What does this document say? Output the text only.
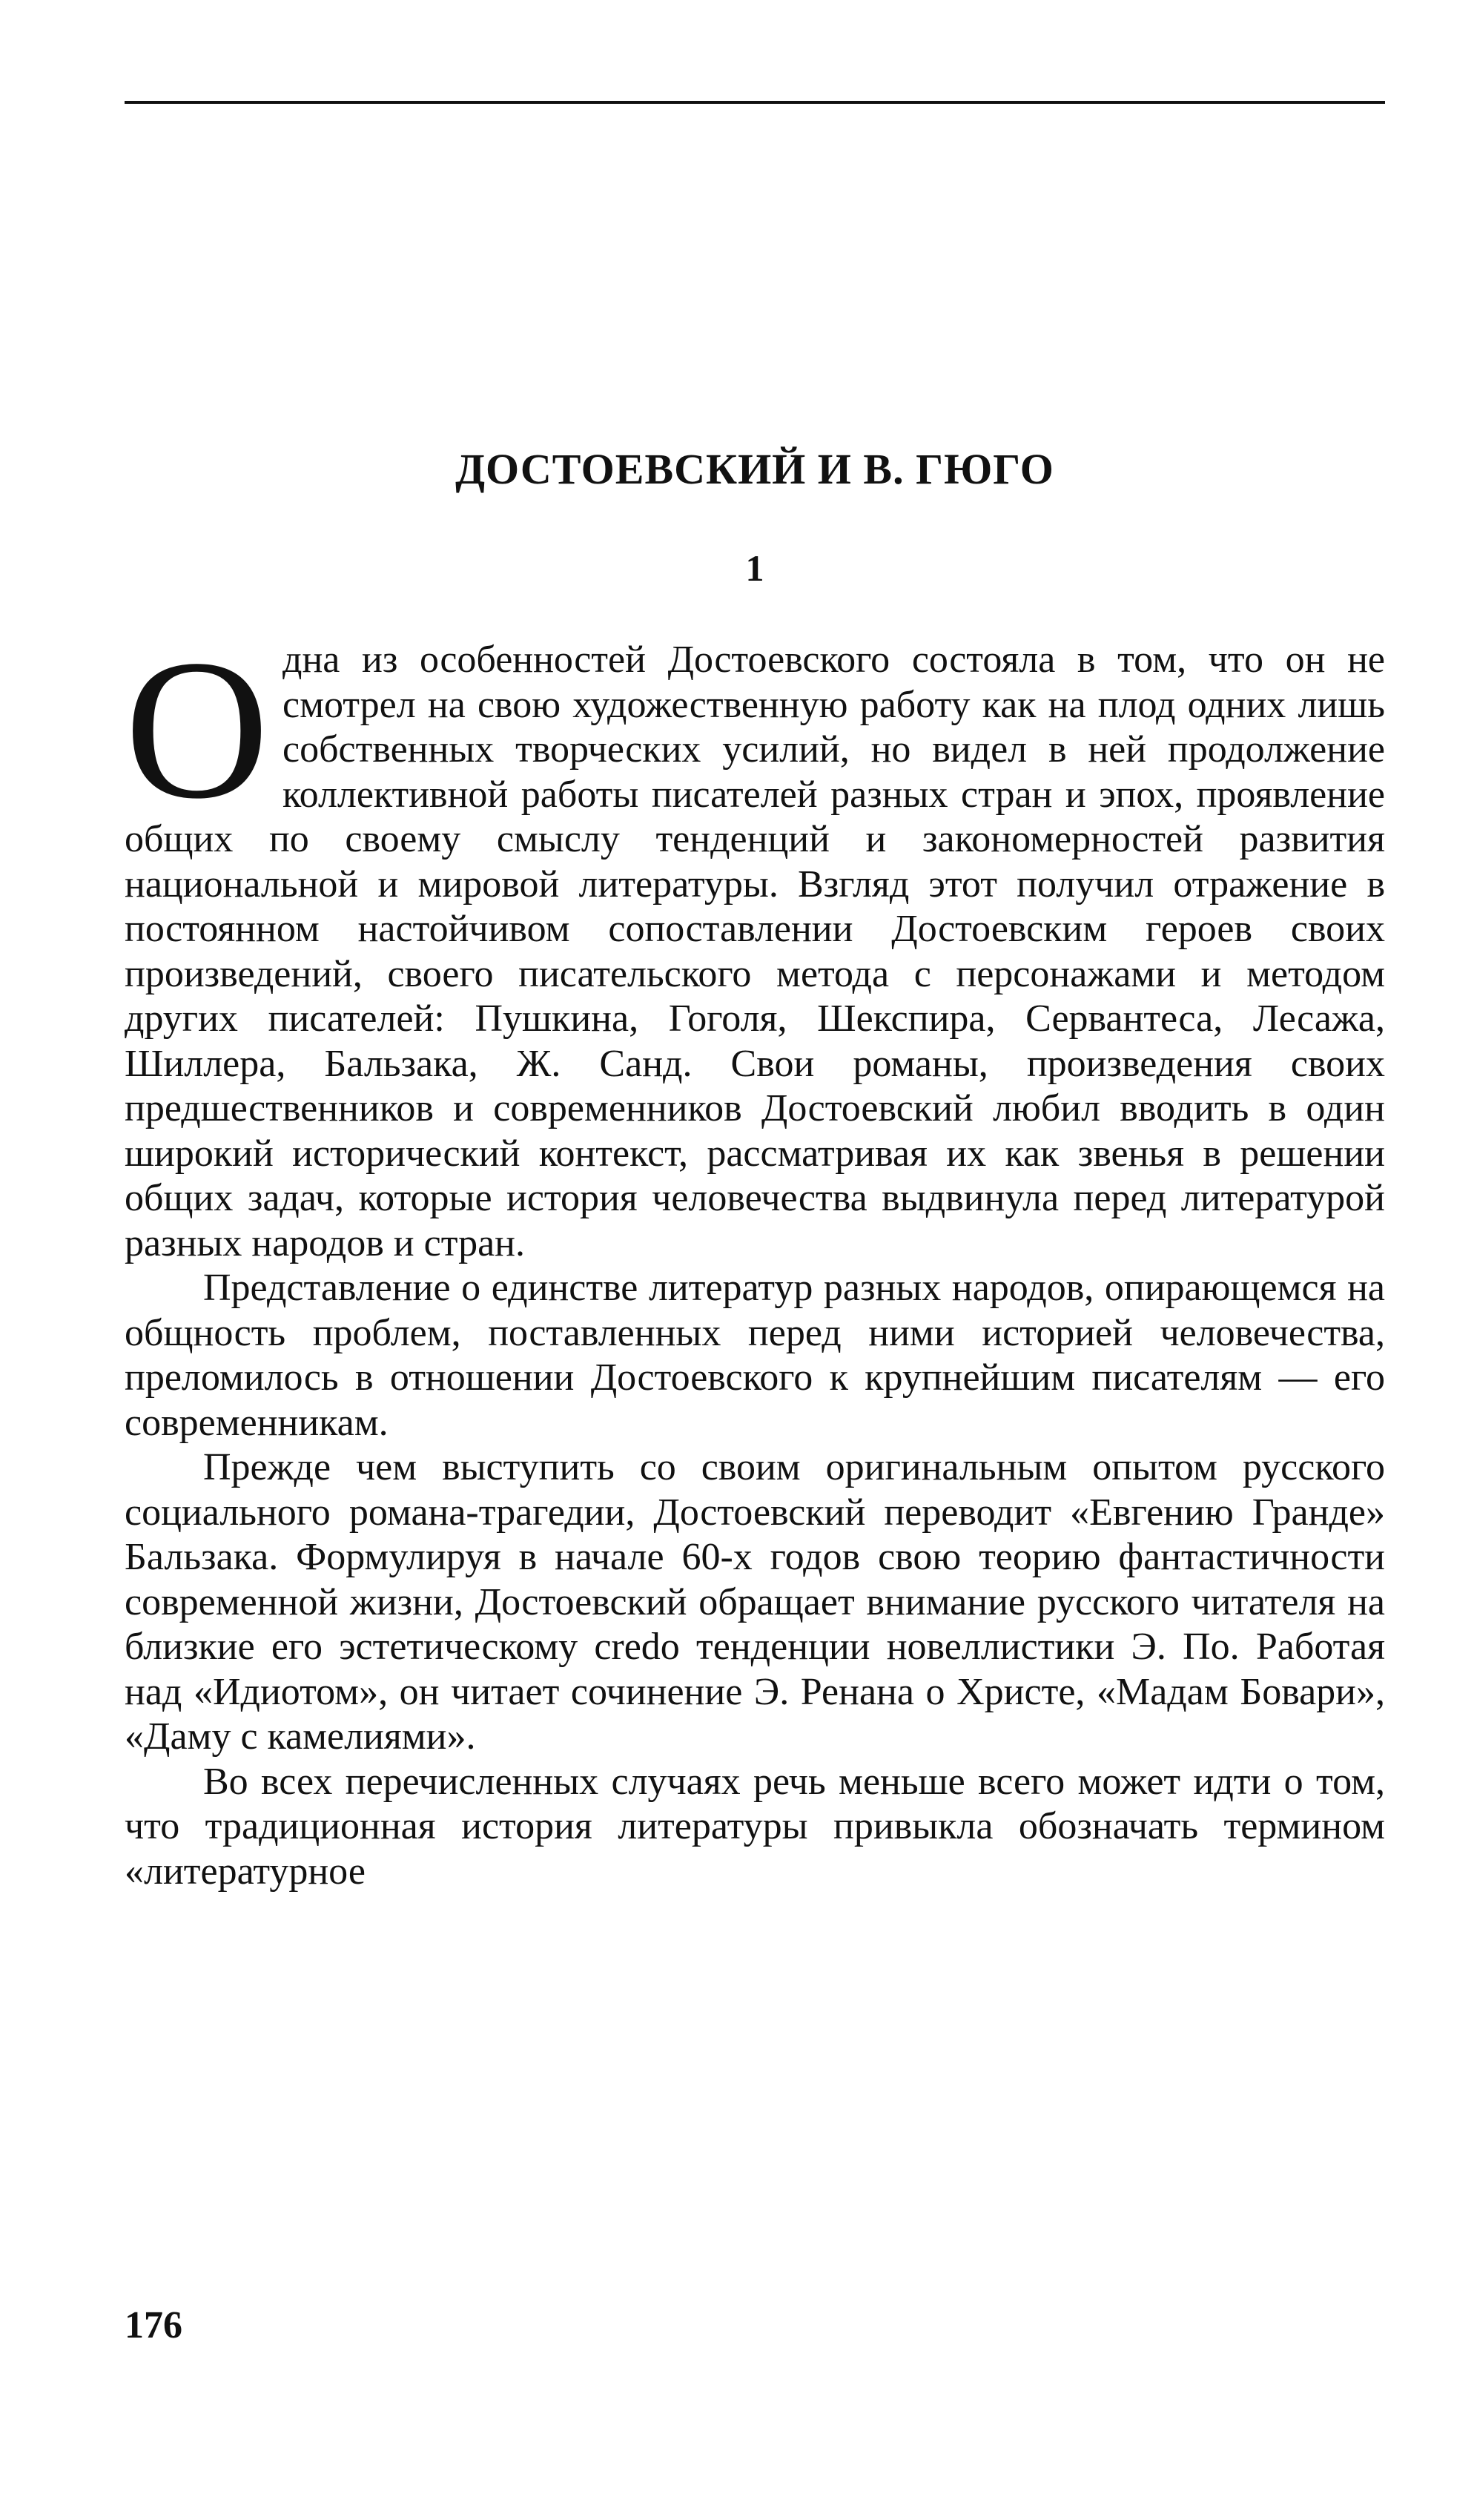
ДОСТОЕВСКИЙ И В. ГЮГО
1

Одна из особенностей Достоевского состояла в том, что он не смотрел на свою художественную работу как на плод одних лишь собственных творческих усилий, но видел в ней продолжение коллективной работы писателей разных стран и эпох, проявление общих по своему смыслу тенденций и закономерностей развития национальной и мировой литературы. Взгляд этот получил отражение в постоянном настойчивом сопоставлении Достоевским героев своих произведений, своего писательского метода с персонажами и методом других писателей: Пушкина, Гоголя, Шекспира, Сервантеса, Лесажа, Шиллера, Бальзака, Ж. Санд. Свои романы, произведения своих предшественников и современников Достоевский любил вводить в один широкий исторический контекст, рассматривая их как звенья в решении общих задач, которые история человечества выдвинула перед литературой разных народов и стран.

Представление о единстве литератур разных народов, опирающемся на общность проблем, поставленных перед ними историей человечества, преломилось в отношении Достоевского к крупнейшим писателям — его современникам.

Прежде чем выступить со своим оригинальным опытом русского социального романа-трагедии, Достоевский переводит «Евгению Гранде» Бальзака. Формулируя в начале 60-х годов свою теорию фантастичности современной жизни, Достоевский обращает внимание русского читателя на близкие его эстетическому credo тенденции новеллистики Э. По. Работая над «Идиотом», он читает сочинение Э. Ренана о Христе, «Мадам Бовари», «Даму с камелиями».

Во всех перечисленных случаях речь меньше всего может идти о том, что традиционная история литературы привыкла обозначать термином «литературное

176
